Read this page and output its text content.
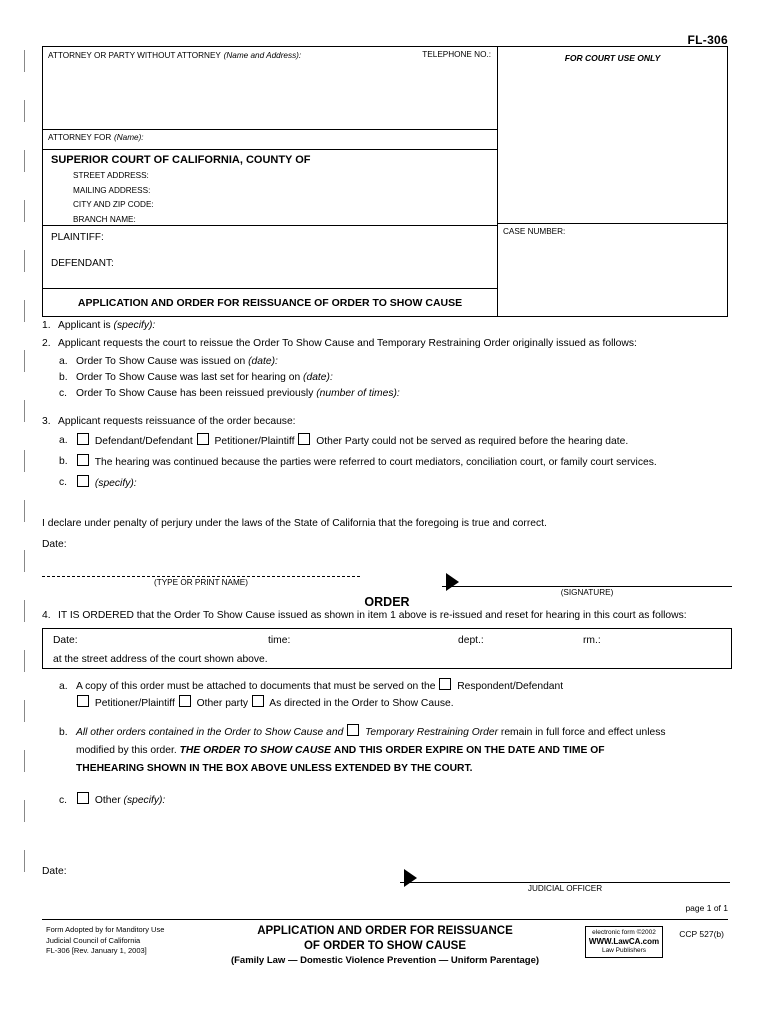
FL-306
ATTORNEY OR PARTY WITHOUT ATTORNEY (Name and Address):	TELEPHONE NO.:
ATTORNEY FOR (Name):
SUPERIOR COURT OF CALIFORNIA, COUNTY OF
STREET ADDRESS:
MAILING ADDRESS:
CITY AND ZIP CODE:
BRANCH NAME:
PLAINTIFF:
DEFENDANT:
APPLICATION AND ORDER FOR REISSUANCE OF ORDER TO SHOW CAUSE
FOR COURT USE ONLY
CASE NUMBER:
1. Applicant is (specify):
2. Applicant requests the court to reissue the Order To Show Cause and Temporary Restraining Order originally issued as follows:
a. Order To Show Cause was issued on (date):
b. Order To Show Cause was last set for hearing on (date):
c. Order To Show Cause has been reissued previously (number of times):
3. Applicant requests reissuance of the order because:
a.	Defendant/Defendant Petitioner/Plaintiff Other Party could not be served as required before the hearing date.
b.	The hearing was continued because the parties were referred to court mediators, conciliation court, or family court services.
c.	(specify):
I declare under penalty of perjury under the laws of the State of California that the foregoing is true and correct.
Date:
(TYPE OR PRINT NAME)
(SIGNATURE)
ORDER
4. IT IS ORDERED that the Order To Show Cause issued as shown in item 1 above is re-issued and reset for hearing in this court as follows:
Date:	time:	dept.:	rm.:
at the street address of the court shown above.
a. A copy of this order must be attached to documents that must be served on the Respondent/Defendant
Petitioner/Plaintiff Other party As directed in the Order to Show Cause.
b. All other orders contained in the Order to Show Cause and Temporary Restraining Order remain in full force and effect unless
modified by this order. THE ORDER TO SHOW CAUSE AND THIS ORDER EXPIRE ON THE DATE AND TIME OF
THEHEARING SHOWN IN THE BOX ABOVE UNLESS EXTENDED BY THE COURT.
c.	Other (specify):
Date:
JUDICIAL OFFICER
page 1 of 1
Form Adopted by for Manditory Use
Judicial Council of California
FL-306 [Rev. January 1, 2003]
APPLICATION AND ORDER FOR REISSUANCE
OF ORDER TO SHOW CAUSE
(Family Law — Domestic Violence Prevention — Uniform Parentage)
CCP 527(b)
electronic form ©2002
WWW.LawCA.com
Law Publishers
